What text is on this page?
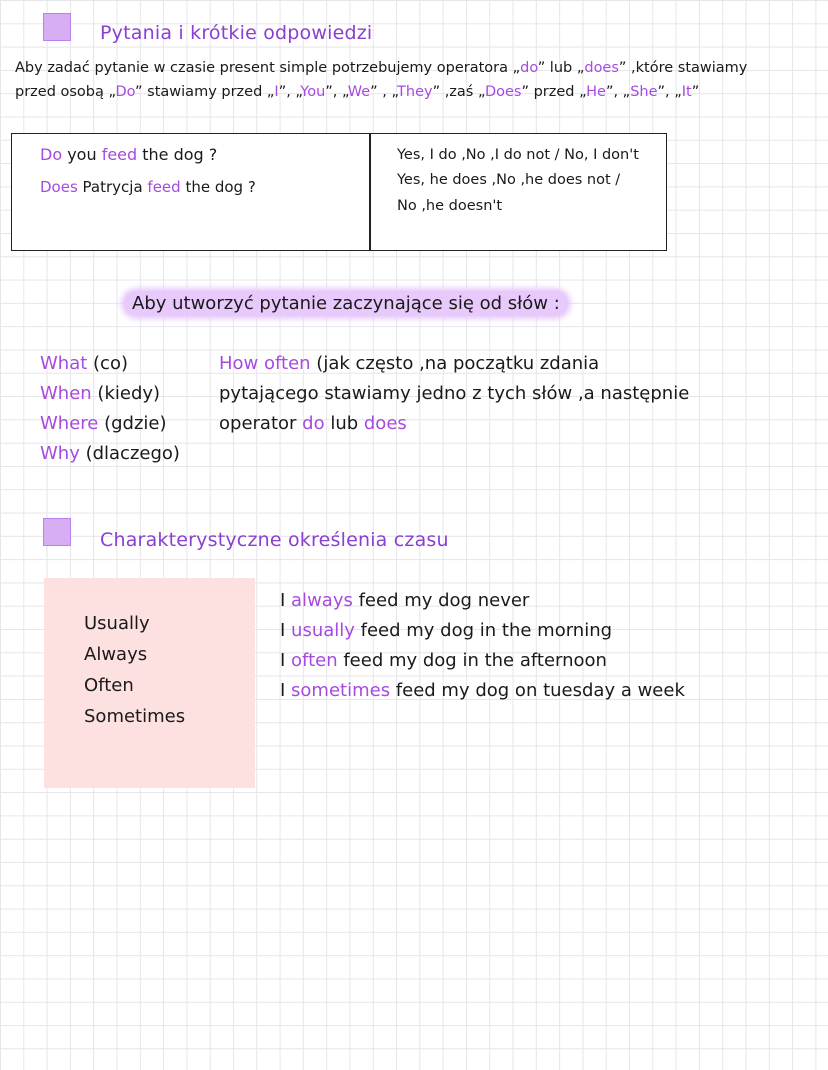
Pytania i krótkie odpowiedzi
Aby zadać pytanie w czasie present simple potrzebujemy operatora „do” lub „does” ,które stawiamy
przed osobą „Do” stawiamy przed „I”, „You”, „We” , „They” ,zaś „Does” przed „He”, „She”, „It”
Do you feed the dog ?
Does Patrycja feed the dog ?
Yes, I do ,No ,I do not / No, I don't
Yes, he does ,No ,he does not /
No ,he doesn't
Aby utworzyć pytanie zaczynające się od słów :
What (co)
When (kiedy)
Where (gdzie)
Why (dlaczego)
How often (jak często ,na początku zdania
pytającego stawiamy jedno z tych słów ,a następnie
operator do lub does
Charakterystyczne określenia czasu
Usually
Always
Often
Sometimes
I always feed my dog never
I usually feed my dog in the morning
I often feed my dog in the afternoon
I sometimes feed my dog on tuesday a week
